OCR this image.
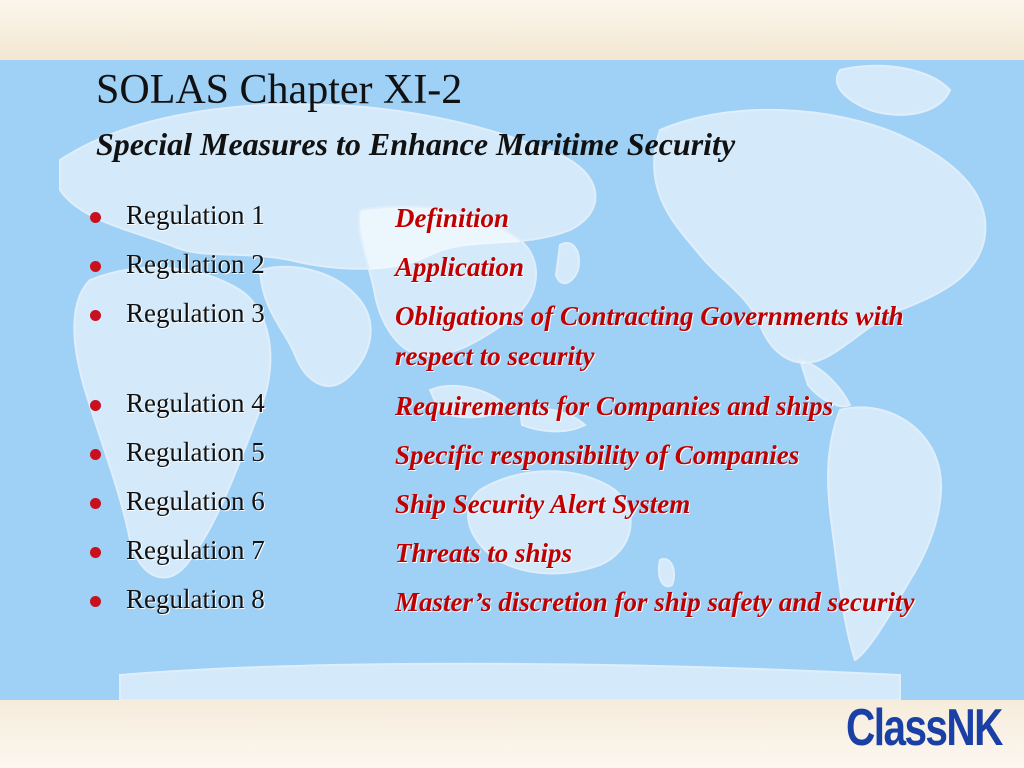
SOLAS Chapter XI-2
Special Measures to Enhance Maritime Security
Regulation 1	Definition
Regulation 2	Application
Regulation 3	Obligations of Contracting Governments with respect to security
Regulation 4	Requirements for Companies and ships
Regulation 5	Specific responsibility of Companies
Regulation 6	Ship Security Alert System
Regulation 7	Threats to ships
Regulation 8	Master’s discretion for ship safety and security
ClassNK
